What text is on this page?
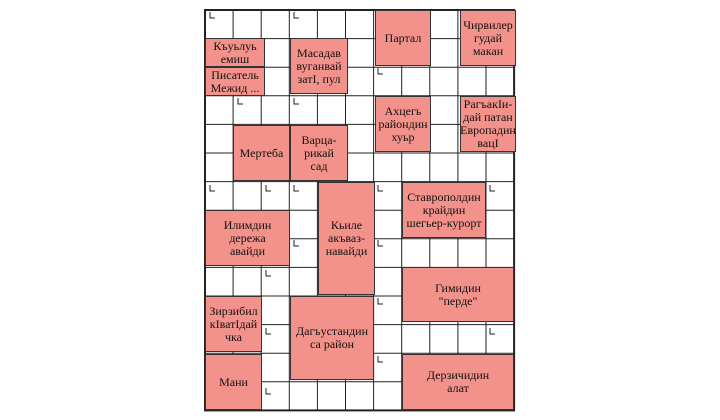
Къуьлуь
емиш
Писатель
Межид ...
Масадав
вуганвай
затI, пул
Партал
Чирвилер
гудай
макан
Ахцегь
райондин
хуьр
РагъакIи-
дай патан
Европадин
вацI
Мертеба
Варца-
рикай
сад
Ставрополдин
крайдин
шегьер-курорт
Илимдин
дережа
авайди
Кьиле
акъваз-
навайди
Гимидин
"перде"
Зирзибил
кIватIдай
чка	Дагъустандин
са район
Мани	Дерзичидин
алат
